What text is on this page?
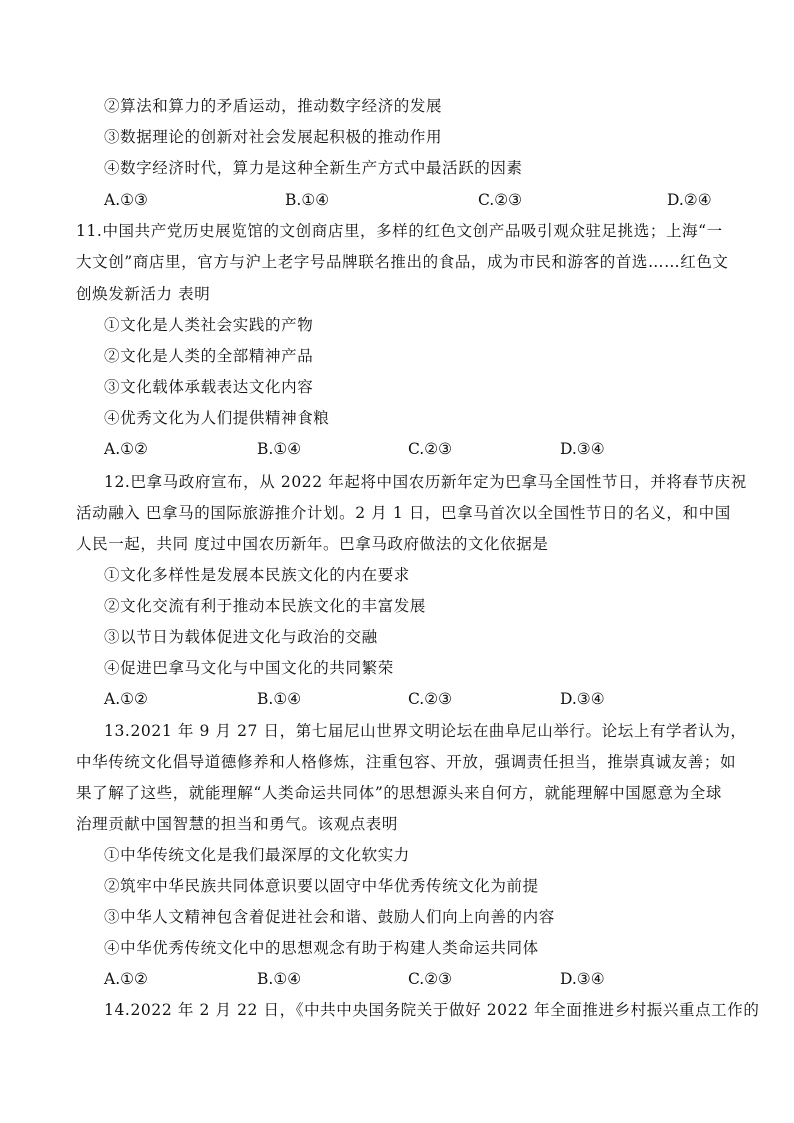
②算法和算力的矛盾运动，推动数字经济的发展
③数据理论的创新对社会发展起积极的推动作用
④数字经济时代，算力是这种全新生产方式中最活跃的因素
A.①③	B.①④	C.②③	D.②④
11.中国共产党历史展览馆的文创商店里，多样的红色文创产品吸引观众驻足挑选；上海“一
大文创”商店里，官方与沪上老字号品牌联名推出的食品，成为市民和游客的首选……红色文
创焕发新活力 表明
①文化是人类社会实践的产物
②文化是人类的全部精神产品
③文化载体承载表达文化内容
④优秀文化为人们提供精神食粮
A.①②	B.①④	C.②③	D.③④
12.巴拿马政府宣布，从 2022 年起将中国农历新年定为巴拿马全国性节日，并将春节庆祝
活动融入 巴拿马的国际旅游推介计划。2 月 1 日，巴拿马首次以全国性节日的名义，和中国
人民一起，共同 度过中国农历新年。巴拿马政府做法的文化依据是
①文化多样性是发展本民族文化的内在要求
②文化交流有利于推动本民族文化的丰富发展
③以节日为载体促进文化与政治的交融
④促进巴拿马文化与中国文化的共同繁荣
A.①②	B.①④	C.②③	D.③④
13.2021 年 9 月 27 日，第七届尼山世界文明论坛在曲阜尼山举行。论坛上有学者认为，
中华传统文化倡导道德修养和人格修炼，注重包容、开放，强调责任担当，推崇真诚友善；如
果了解了这些，就能理解“人类命运共同体”的思想源头来自何方，就能理解中国愿意为全球
治理贡献中国智慧的担当和勇气。该观点表明
①中华传统文化是我们最深厚的文化软实力
②筑牢中华民族共同体意识要以固守中华优秀传统文化为前提
③中华人文精神包含着促进社会和谐、鼓励人们向上向善的内容
④中华优秀传统文化中的思想观念有助于构建人类命运共同体
A.①②	B.①④	C.②③	D.③④
14.2022 年 2 月 22 日，《中共中央国务院关于做好 2022 年全面推进乡村振兴重点工作的
